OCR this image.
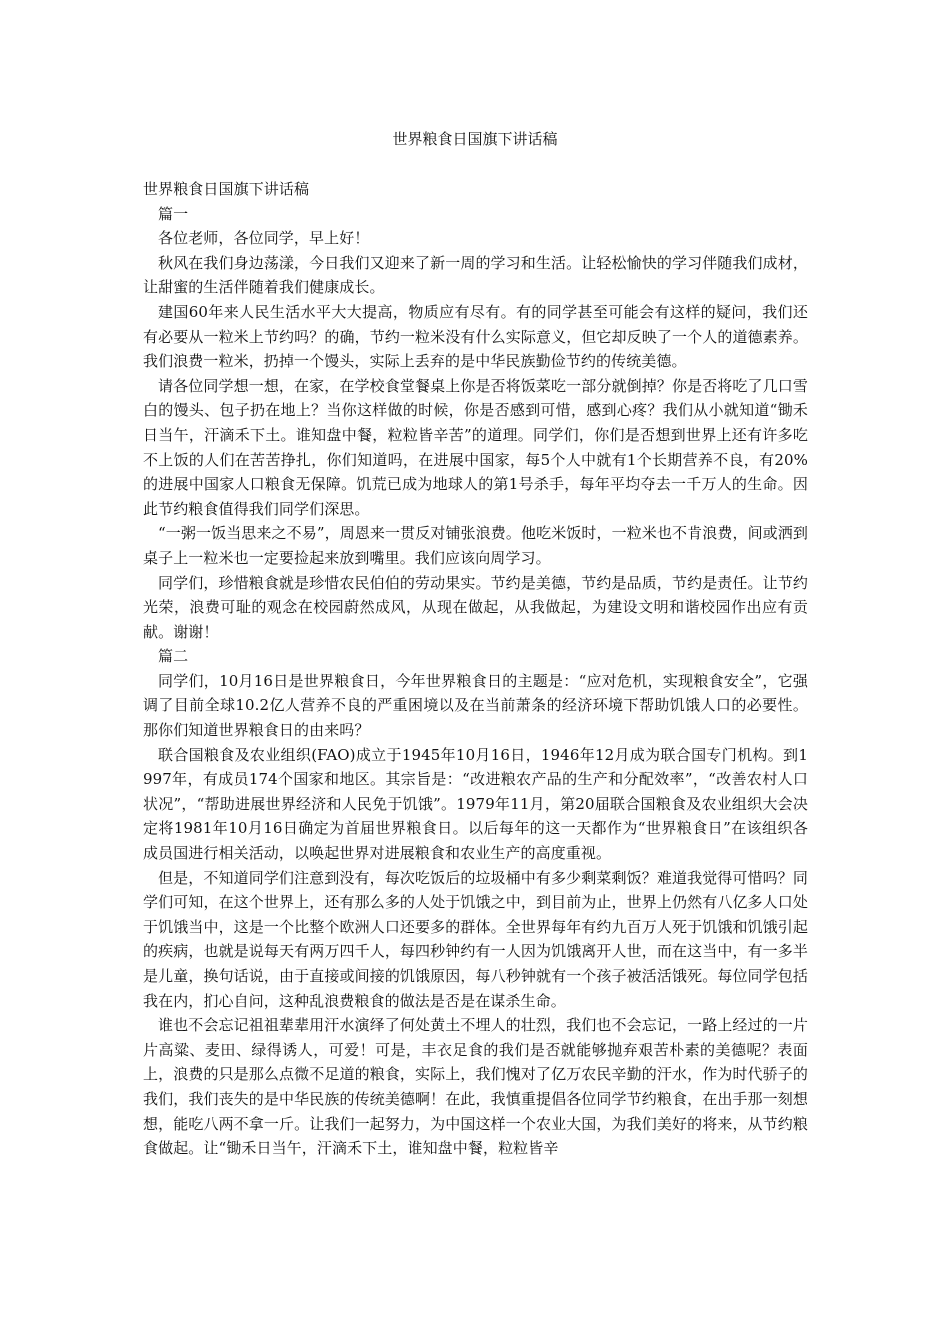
世界粮食日国旗下讲话稿

世界粮食日国旗下讲话稿

篇一

各位老师，各位同学，早上好！

秋风在我们身边荡漾，今日我们又迎来了新一周的学习和生活。让轻松愉快的学习伴随我们成材，让甜蜜的生活伴随着我们健康成长。

建国60年来人民生活水平大大提高，物质应有尽有。有的同学甚至可能会有这样的疑问，我们还有必要从一粒米上节约吗？的确，节约一粒米没有什么实际意义，但它却反映了一个人的道德素养。我们浪费一粒米，扔掉一个馒头，实际上丢弃的是中华民族勤俭节约的传统美德。

请各位同学想一想，在家，在学校食堂餐桌上你是否将饭菜吃一部分就倒掉？你是否将吃了几口雪白的馒头、包子扔在地上？当你这样做的时候，你是否感到可惜，感到心疼？我们从小就知道“锄禾日当午，汗滴禾下土。谁知盘中餐，粒粒皆辛苦”的道理。同学们，你们是否想到世界上还有许多吃不上饭的人们在苦苦挣扎，你们知道吗，在进展中国家，每5个人中就有1个长期营养不良，有20%的进展中国家人口粮食无保障。饥荒已成为地球人的第1号杀手，每年平均夺去一千万人的生命。因此节约粮食值得我们同学们深思。

“一粥一饭当思来之不易”，周恩来一贯反对铺张浪费。他吃米饭时，一粒米也不肯浪费，间或洒到桌子上一粒米也一定要捡起来放到嘴里。我们应该向周学习。

同学们，珍惜粮食就是珍惜农民伯伯的劳动果实。节约是美德，节约是品质，节约是责任。让节约光荣，浪费可耻的观念在校园蔚然成风，从现在做起，从我做起，为建设文明和谐校园作出应有贡献。谢谢！

篇二

同学们，10月16日是世界粮食日，今年世界粮食日的主题是：“应对危机，实现粮食安全”，它强调了目前全球10.2亿人营养不良的严重困境以及在当前萧条的经济环境下帮助饥饿人口的必要性。那你们知道世界粮食日的由来吗？

联合国粮食及农业组织(FAO)成立于1945年10月16日，1946年12月成为联合国专门机构。到1997年，有成员174个国家和地区。其宗旨是：“改进粮农产品的生产和分配效率”，“改善农村人口状况”，“帮助进展世界经济和人民免于饥饿”。1979年11月，第20届联合国粮食及农业组织大会决定将1981年10月16日确定为首届世界粮食日。以后每年的这一天都作为“世界粮食日”在该组织各成员国进行相关活动，以唤起世界对进展粮食和农业生产的高度重视。

但是，不知道同学们注意到没有，每次吃饭后的垃圾桶中有多少剩菜剩饭？难道我觉得可惜吗？同学们可知，在这个世界上，还有那么多的人处于饥饿之中，到目前为止，世界上仍然有八亿多人口处于饥饿当中，这是一个比整个欧洲人口还要多的群体。全世界每年有约九百万人死于饥饿和饥饿引起的疾病，也就是说每天有两万四千人，每四秒钟约有一人因为饥饿离开人世，而在这当中，有一多半是儿童，换句话说，由于直接或间接的饥饿原因，每八秒钟就有一个孩子被活活饿死。每位同学包括我在内，扪心自问，这种乱浪费粮食的做法是否是在谋杀生命。

谁也不会忘记祖祖辈辈用汗水演绎了何处黄土不埋人的壮烈，我们也不会忘记，一路上经过的一片片高粱、麦田、绿得诱人，可爱！可是，丰衣足食的我们是否就能够抛弃艰苦朴素的美德呢？表面上，浪费的只是那么点微不足道的粮食，实际上，我们愧对了亿万农民辛勤的汗水，作为时代骄子的我们，我们丧失的是中华民族的传统美德啊！在此，我慎重提倡各位同学节约粮食，在出手那一刻想想，能吃八两不拿一斤。让我们一起努力，为中国这样一个农业大国，为我们美好的将来，从节约粮食做起。让“锄禾日当午，汗滴禾下土，谁知盘中餐，粒粒皆辛
